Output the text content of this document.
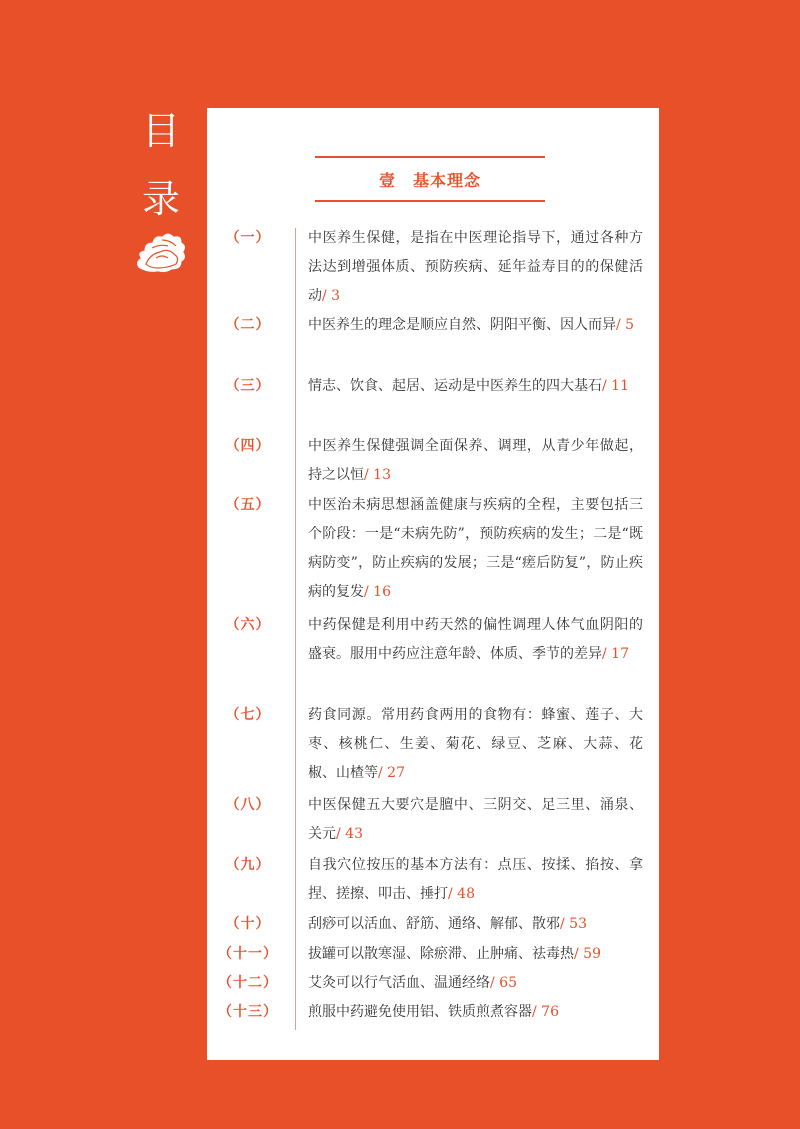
目
录	壹　基本理念
（一）	中医养生保健，是指在中医理论指导下，通过各种方法达到增强体质、预防疾病、延年益寿目的的保健活动/ 3
（二）	中医养生的理念是顺应自然、阴阳平衡、因人而异/ 5
（三）	情志、饮食、起居、运动是中医养生的四大基石/ 11
（四）	中医养生保健强调全面保养、调理，从青少年做起，持之以恒/ 13
（五）	中医治未病思想涵盖健康与疾病的全程，主要包括三个阶段：一是“未病先防”，预防疾病的发生；二是“既病防变”，防止疾病的发展；三是“瘥后防复”，防止疾病的复发/ 16
（六）	中药保健是利用中药天然的偏性调理人体气血阴阳的盛衰。服用中药应注意年龄、体质、季节的差异/ 17
（七）	药食同源。常用药食两用的食物有：蜂蜜、莲子、大枣、核桃仁、生姜、菊花、绿豆、芝麻、大蒜、花椒、山楂等/ 27
（八）	中医保健五大要穴是膻中、三阴交、足三里、涌泉、关元/ 43
（九）	自我穴位按压的基本方法有：点压、按揉、掐按、拿捏、搓擦、叩击、捶打/ 48
（十）	刮痧可以活血、舒筋、通络、解郁、散邪/ 53
（十一）	拔罐可以散寒湿、除瘀滞、止肿痛、祛毒热/ 59
（十二）	艾灸可以行气活血、温通经络/ 65
（十三）	煎服中药避免使用铝、铁质煎煮容器/ 76
